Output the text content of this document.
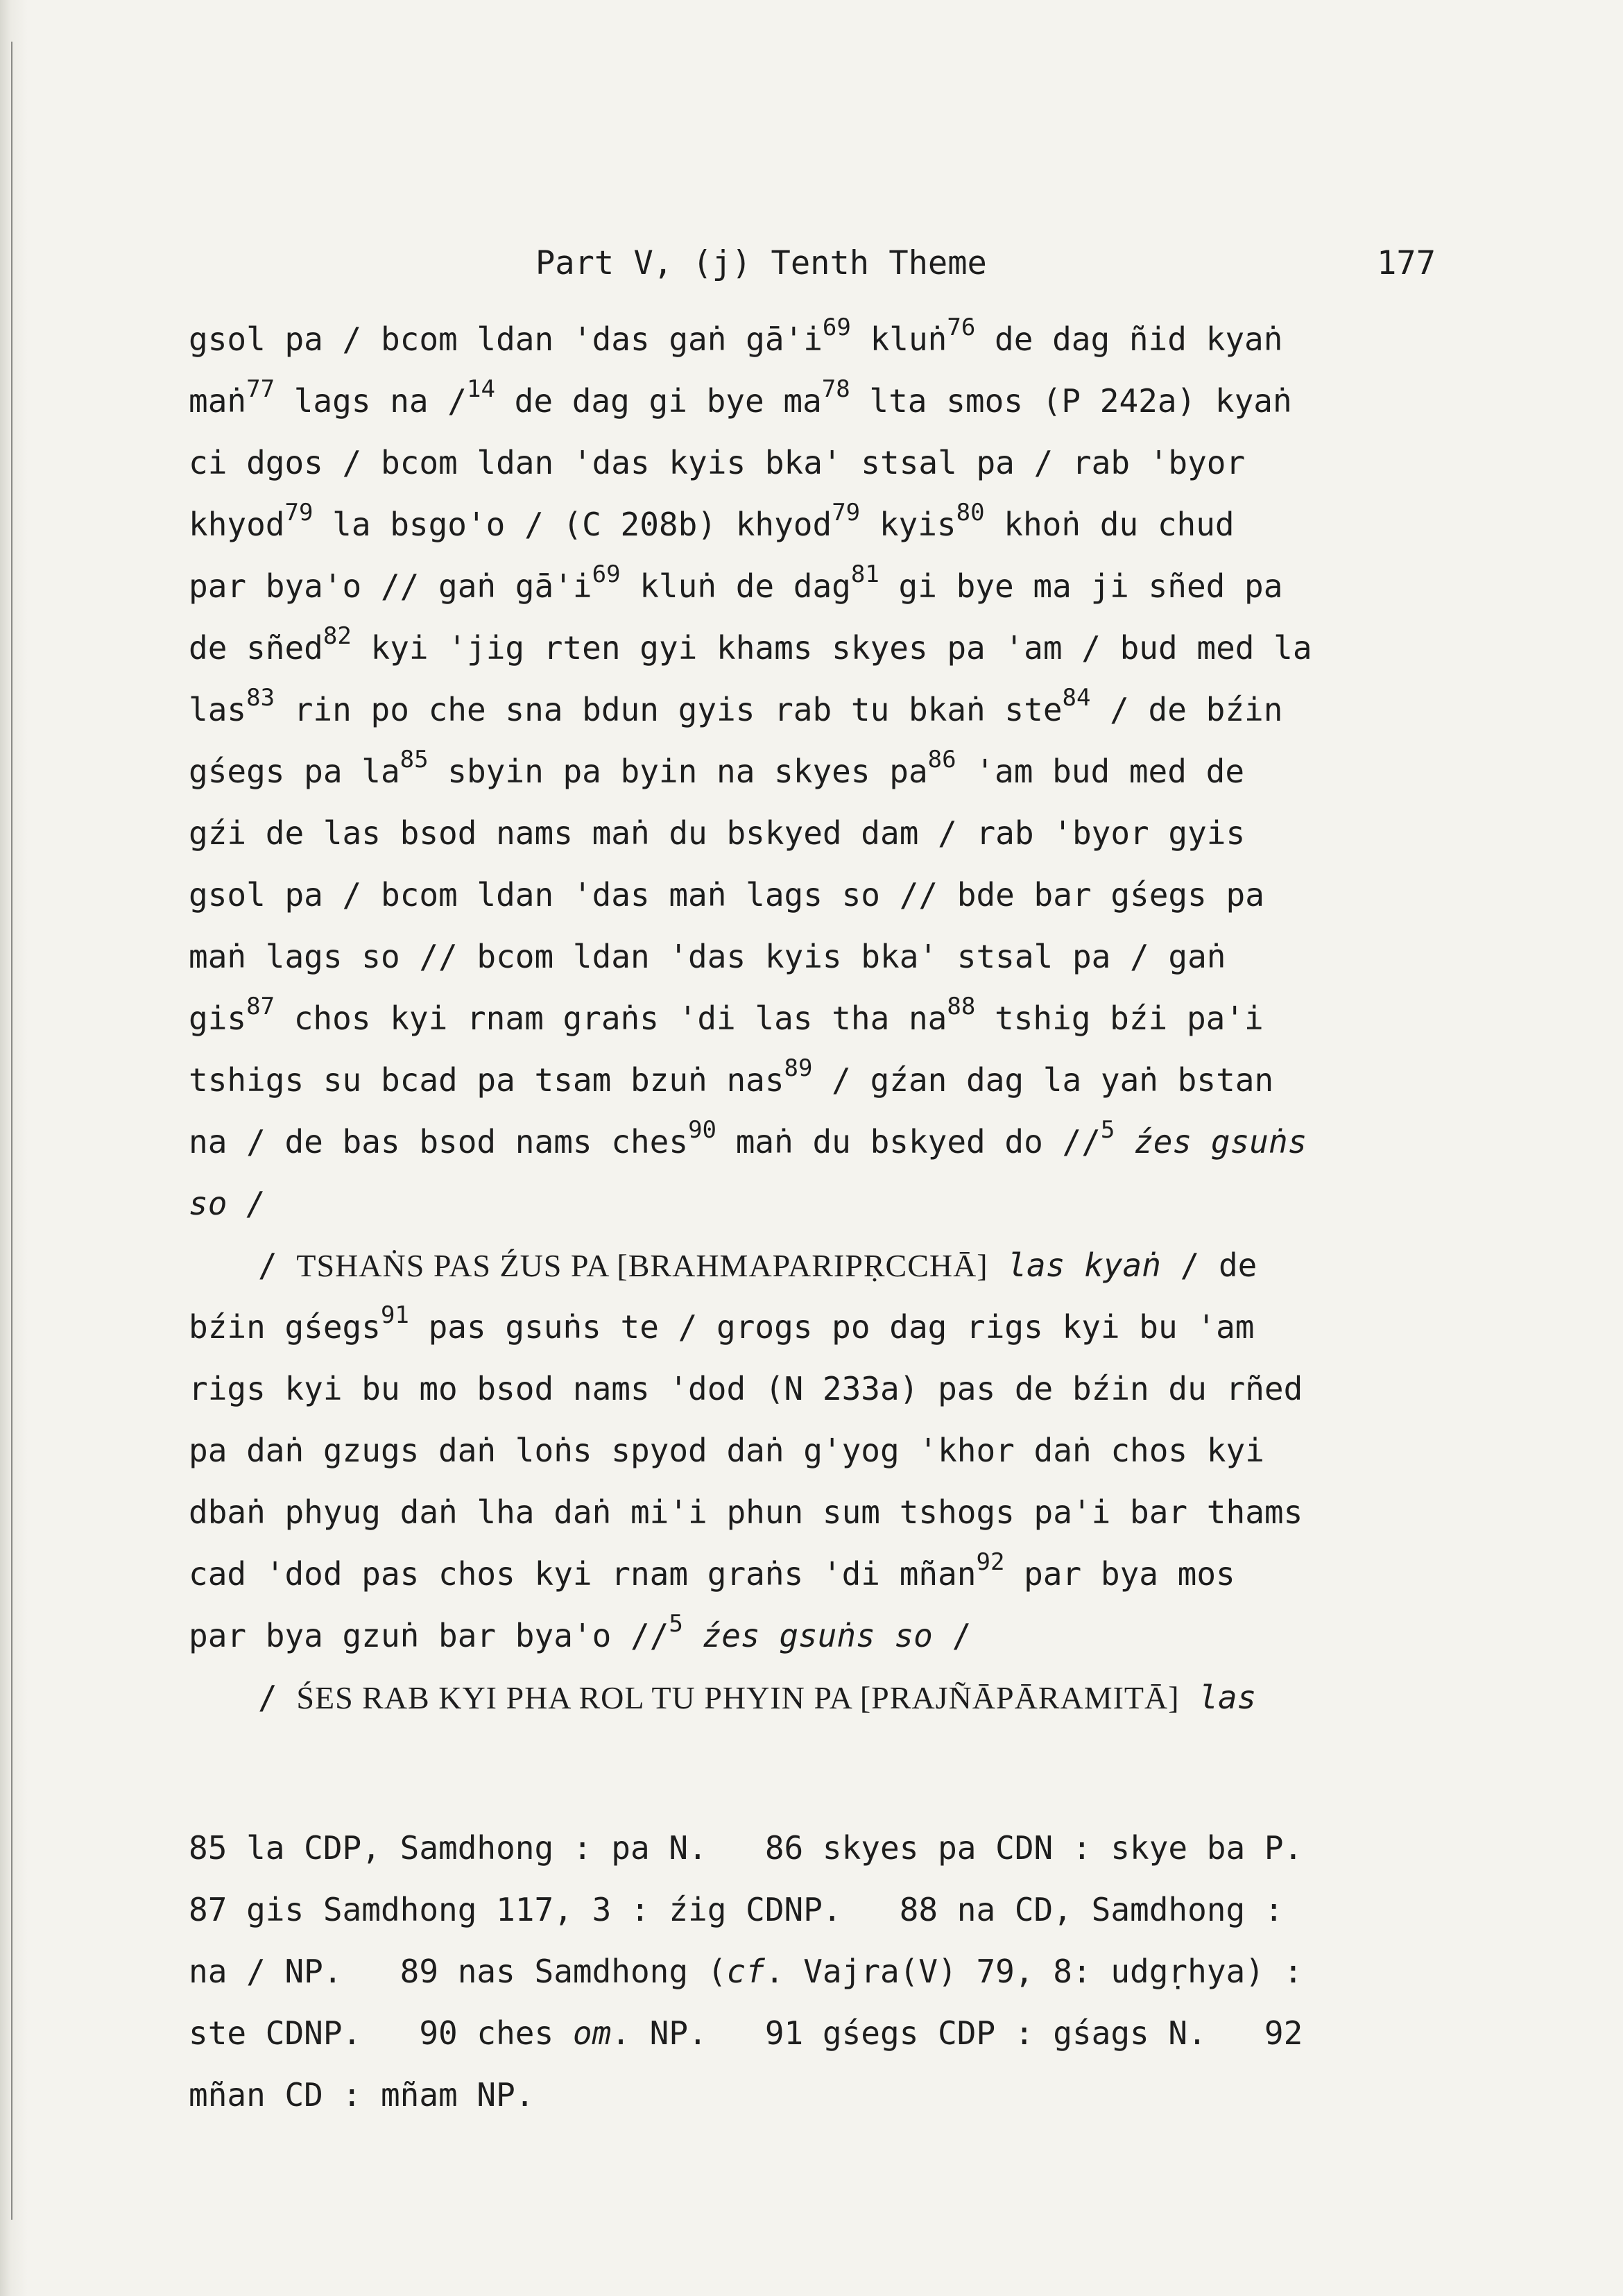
Part V, (j) Tenth Theme	177
gsol pa / bcom ldan 'das gaṅ $gā'i^{69}$ kluṅ$^{76}$ de dag ñid kyaṅ
maṅ$^{77}$ lags na /$^{14}$ de dag gi bye $ma^{78}$ lta smos (P 242a) kyaṅ
ci dgos / bcom ldan 'das kyis bka' stsal pa / rab 'byor
khyod$^{79}$ la bsgo'o / (C 208b) khyod$^{79}$ kyis$^{80}$ khoṅ du chud
par bya'o // gaṅ $gā'i^{69}$ kluṅ de dag$^{81}$ gi bye ma ji sñed pa
de sñed$^{82}$ kyi 'jig rten gyi khams skyes pa 'am / bud med la
las$^{83}$ rin po che sna bdun gyis rab tu bkaṅ ste$^{84}$ / de bźin
gśegs pa $la^{85}$ sbyin pa byin na skyes $pa^{86}$ 'am bud med de
gźi de las bsod nams maṅ du bskyed dam / rab 'byor gyis
gsol pa / bcom ldan 'das maṅ lags so // bde bar gśegs pa
maṅ lags so // bcom ldan 'das kyis bka' stsal pa / gaṅ
gis$^{87}$ chos kyi rnam graṅs 'di las tha $na^{88}$ tshig bźi pa'i
tshigs su bcad pa tsam bzuṅ nas$^{89}$ / gźan dag la yaṅ bstan
na / de bas bsod nams ches$^{90}$ maṅ du bskyed do //$^5$ źes gsuṅs
so /
/ TSHAṄS PAS ŹUS PA [BRAHMAPARIPṚCCHĀ] las kyaṅ / de
bźin gśegs$^{91}$ pas gsuṅs te / grogs po dag rigs kyi bu 'am
rigs kyi bu mo bsod nams 'dod (N 233a) pas de bźin du rñed
pa daṅ gzugs daṅ loṅs spyod daṅ g'yog 'khor daṅ chos kyi
dbaṅ phyug daṅ lha daṅ mi'i phun sum tshogs pa'i bar thams
cad 'dod pas chos kyi rnam graṅs 'di mñan$^{92}$ par bya mos
par bya gzuṅ bar bya'o //$^5$ źes gsuṅs so /
/ ŚES RAB KYI PHA ROL TU PHYIN PA [PRAJÑĀPĀRAMITĀ] las
85 la CDP, Samdhong : pa N.   86 skyes pa CDN : skye ba P.
87 gis Samdhong 117, 3 : źig CDNP.   88 na CD, Samdhong :
na / NP.   89 nas Samdhong (cf. Vajra(V) 79, 8: udgṛhya) :
ste CDNP.   90 ches om. NP.   91 gśegs CDP : gśags N.   92
mñan CD : mñam NP.
